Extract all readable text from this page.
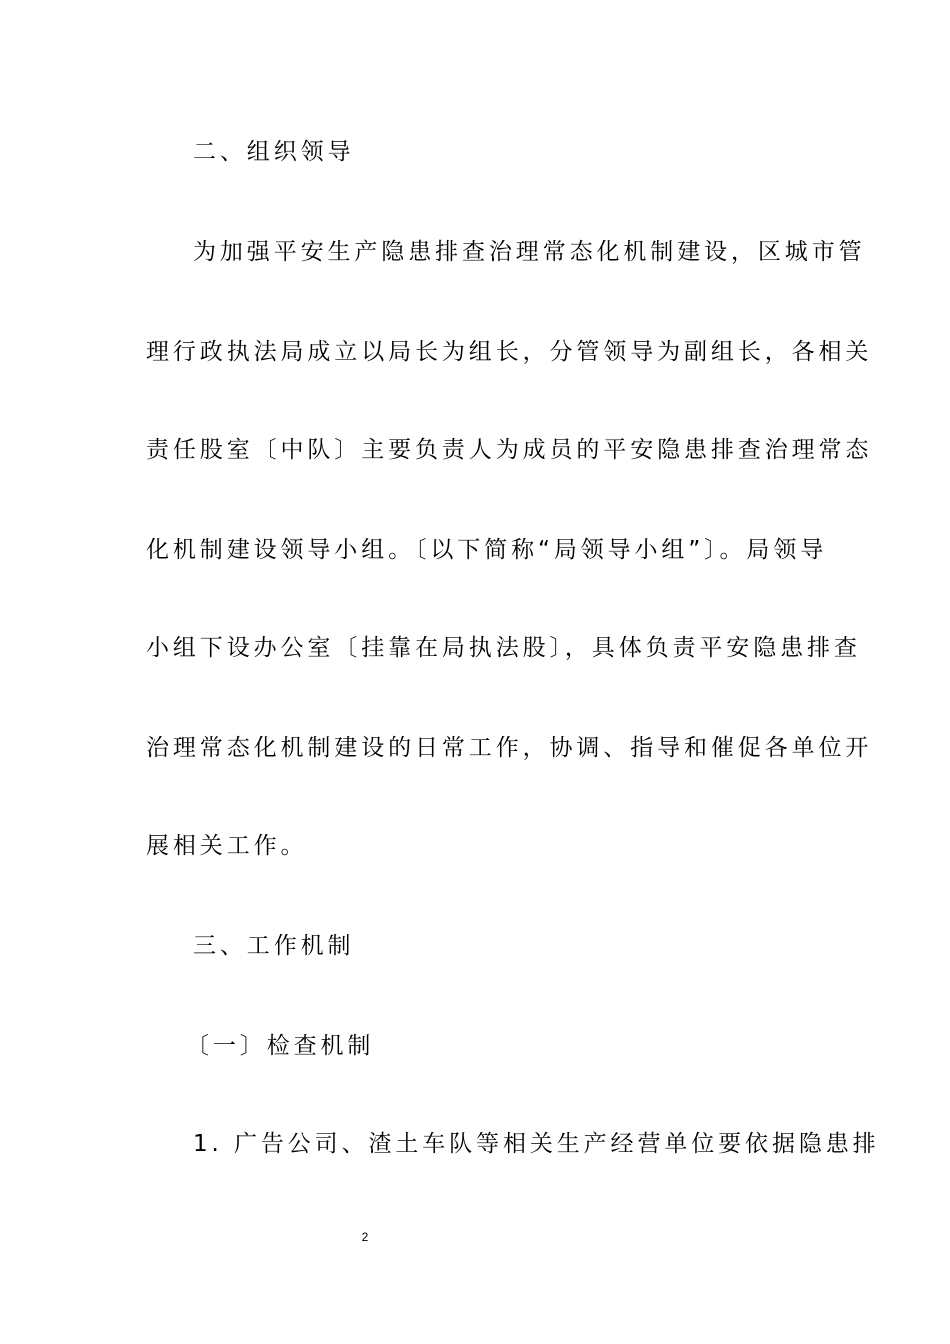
二、组织领导
为加强平安生产隐患排查治理常态化机制建设，区城市管
理行政执法局成立以局长为组长，分管领导为副组长，各相关
责任股室〔中队〕主要负责人为成员的平安隐患排查治理常态
化机制建设领导小组。〔以下简称“局领导小组”〕。局领导
小组下设办公室〔挂靠在局执法股〕，具体负责平安隐患排查
治理常态化机制建设的日常工作，协调、指导和催促各单位开
展相关工作。
三、工作机制
〔一〕检查机制
1. 广告公司、渣土车队等相关生产经营单位要依据隐患排
2
